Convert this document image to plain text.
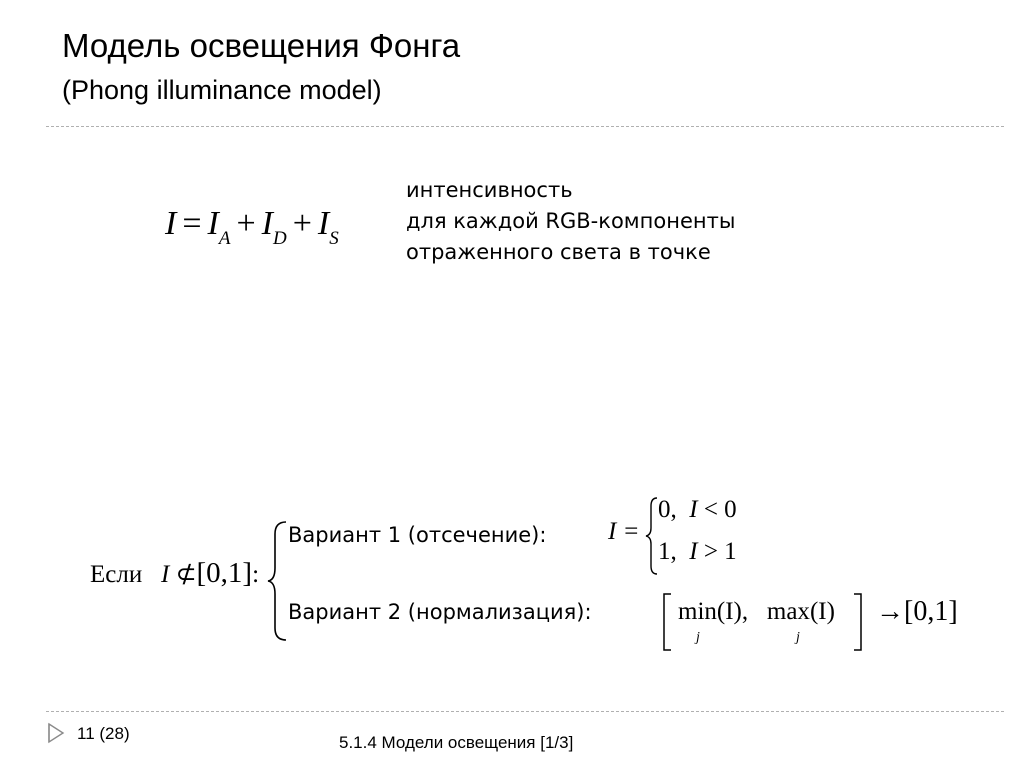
Модель освещения Фонга
(Phong illuminance model)
$I = I_A + I_D + I_S$
интенсивность
для каждой RGB-компоненты
отраженного света в точке
Если I ⊄[0,1]:
Вариант 1 (отсечение): I =
0, I < 0
1, I > 1
Вариант 2 (нормализация):	min(I), max(I)
j	j
→[0,1]
11 (28)	5.1.4 Модели освещения [1/3]
